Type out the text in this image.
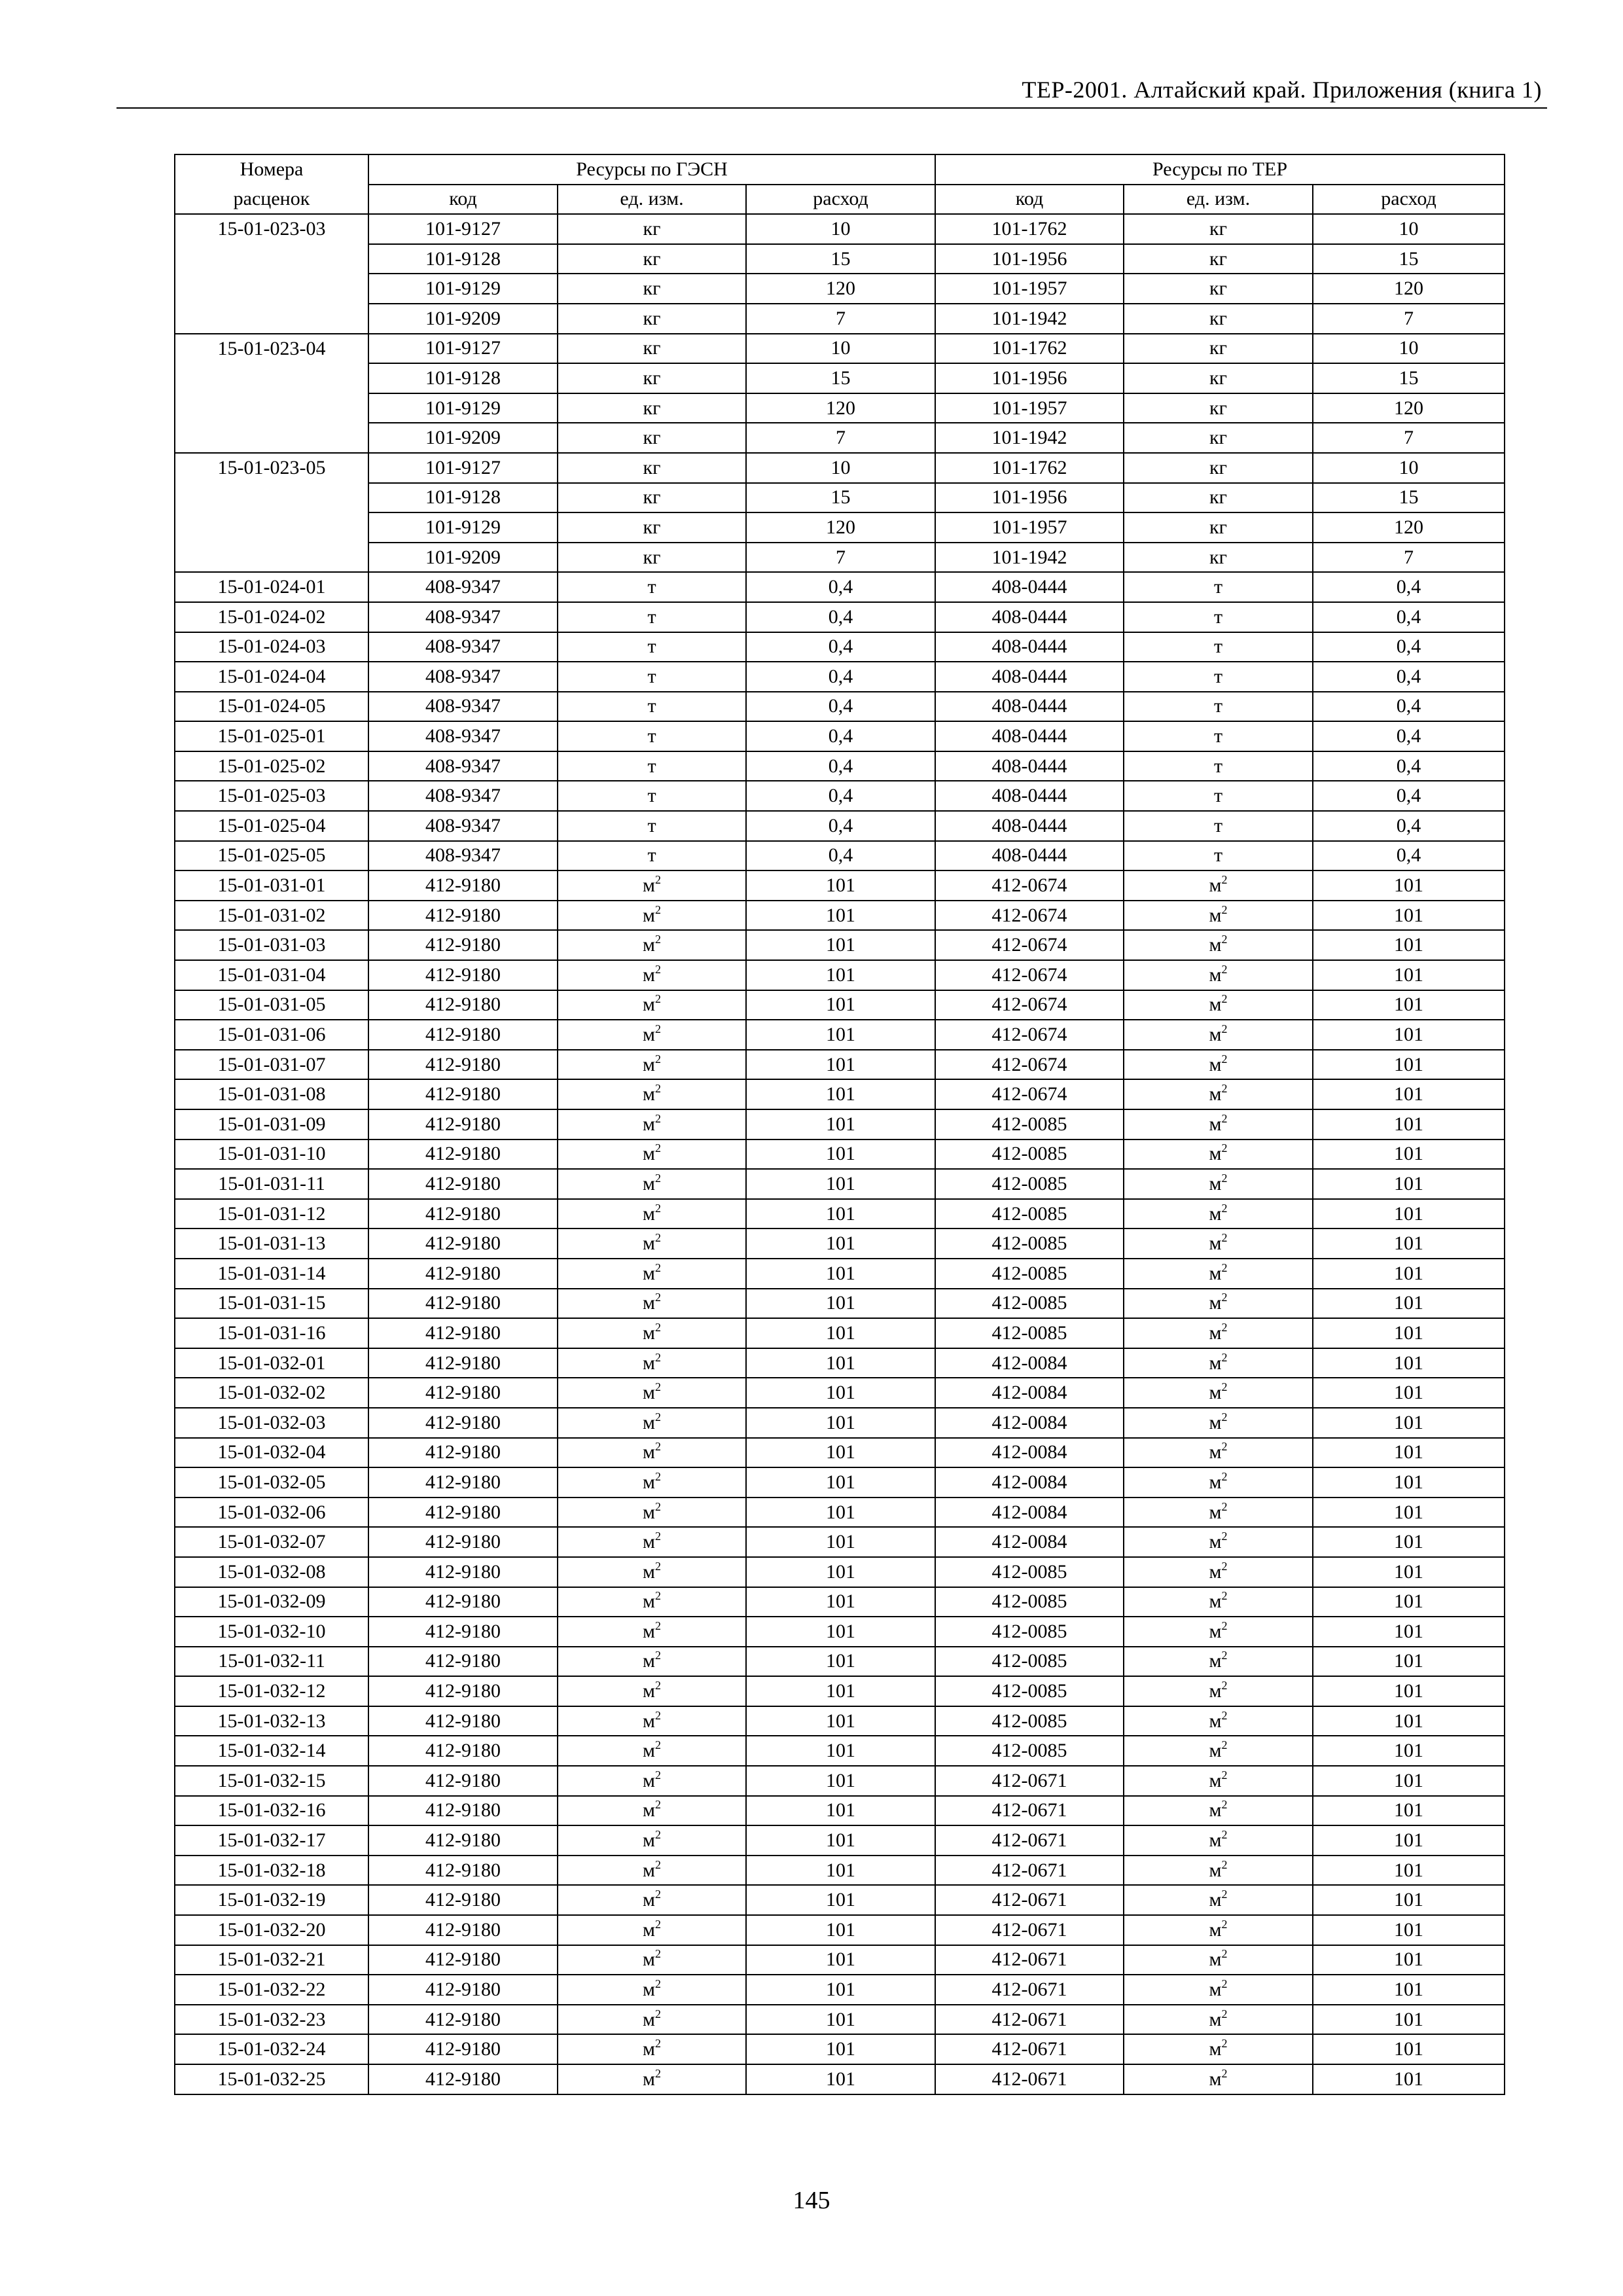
ТЕР-2001. Алтайский край. Приложения (книга 1)
Номера	Ресурсы по ГЭСН			Ресурсы по ТЕР		
расценок	код	ед. изм.	расход	код	ед. изм.	расход
15-01-023-03	101-9127	кг	10	101-1762	кг	10
	101-9128	кг	15	101-1956	кг	15
	101-9129	кг	120	101-1957	кг	120
	101-9209	кг	7	101-1942	кг	7
15-01-023-04	101-9127	кг	10	101-1762	кг	10
	101-9128	кг	15	101-1956	кг	15
	101-9129	кг	120	101-1957	кг	120
	101-9209	кг	7	101-1942	кг	7
15-01-023-05	101-9127	кг	10	101-1762	кг	10
	101-9128	кг	15	101-1956	кг	15
	101-9129	кг	120	101-1957	кг	120
	101-9209	кг	7	101-1942	кг	7
15-01-024-01	408-9347	т	0,4	408-0444	т	0,4
15-01-024-02	408-9347	т	0,4	408-0444	т	0,4
15-01-024-03	408-9347	т	0,4	408-0444	т	0,4
15-01-024-04	408-9347	т	0,4	408-0444	т	0,4
15-01-024-05	408-9347	т	0,4	408-0444	т	0,4
15-01-025-01	408-9347	т	0,4	408-0444	т	0,4
15-01-025-02	408-9347	т	0,4	408-0444	т	0,4
15-01-025-03	408-9347	т	0,4	408-0444	т	0,4
15-01-025-04	408-9347	т	0,4	408-0444	т	0,4
15-01-025-05	408-9347	т	0,4	408-0444	т	0,4
15-01-031-01	412-9180	$м^2$	101	412-0674	$м^2$	101
15-01-031-02	412-9180	$м^2$	101	412-0674	$м^2$	101
15-01-031-03	412-9180	$м^2$	101	412-0674	$м^2$	101
15-01-031-04	412-9180	$м^2$	101	412-0674	$м^2$	101
15-01-031-05	412-9180	$м^2$	101	412-0674	$м^2$	101
15-01-031-06	412-9180	$м^2$	101	412-0674	$м^2$	101
15-01-031-07	412-9180	$м^2$	101	412-0674	$м^2$	101
15-01-031-08	412-9180	$м^2$	101	412-0674	$м^2$	101
15-01-031-09	412-9180	$м^2$	101	412-0085	$м^2$	101
15-01-031-10	412-9180	$м^2$	101	412-0085	$м^2$	101
15-01-031-11	412-9180	$м^2$	101	412-0085	$м^2$	101
15-01-031-12	412-9180	$м^2$	101	412-0085	$м^2$	101
15-01-031-13	412-9180	$м^2$	101	412-0085	$м^2$	101
15-01-031-14	412-9180	$м^2$	101	412-0085	$м^2$	101
15-01-031-15	412-9180	$м^2$	101	412-0085	$м^2$	101
15-01-031-16	412-9180	$м^2$	101	412-0085	$м^2$	101
15-01-032-01	412-9180	$м^2$	101	412-0084	$м^2$	101
15-01-032-02	412-9180	$м^2$	101	412-0084	$м^2$	101
15-01-032-03	412-9180	$м^2$	101	412-0084	$м^2$	101
15-01-032-04	412-9180	$м^2$	101	412-0084	$м^2$	101
15-01-032-05	412-9180	$м^2$	101	412-0084	$м^2$	101
15-01-032-06	412-9180	$м^2$	101	412-0084	$м^2$	101
15-01-032-07	412-9180	$м^2$	101	412-0084	$м^2$	101
15-01-032-08	412-9180	$м^2$	101	412-0085	$м^2$	101
15-01-032-09	412-9180	$м^2$	101	412-0085	$м^2$	101
15-01-032-10	412-9180	$м^2$	101	412-0085	$м^2$	101
15-01-032-11	412-9180	$м^2$	101	412-0085	$м^2$	101
15-01-032-12	412-9180	$м^2$	101	412-0085	$м^2$	101
15-01-032-13	412-9180	$м^2$	101	412-0085	$м^2$	101
15-01-032-14	412-9180	$м^2$	101	412-0085	$м^2$	101
15-01-032-15	412-9180	$м^2$	101	412-0671	$м^2$	101
15-01-032-16	412-9180	$м^2$	101	412-0671	$м^2$	101
15-01-032-17	412-9180	$м^2$	101	412-0671	$м^2$	101
15-01-032-18	412-9180	$м^2$	101	412-0671	$м^2$	101
15-01-032-19	412-9180	$м^2$	101	412-0671	$м^2$	101
15-01-032-20	412-9180	$м^2$	101	412-0671	$м^2$	101
15-01-032-21	412-9180	$м^2$	101	412-0671	$м^2$	101
15-01-032-22	412-9180	$м^2$	101	412-0671	$м^2$	101
15-01-032-23	412-9180	$м^2$	101	412-0671	$м^2$	101
15-01-032-24	412-9180	$м^2$	101	412-0671	$м^2$	101
15-01-032-25	412-9180	$м^2$	101	412-0671	$м^2$	101
145
